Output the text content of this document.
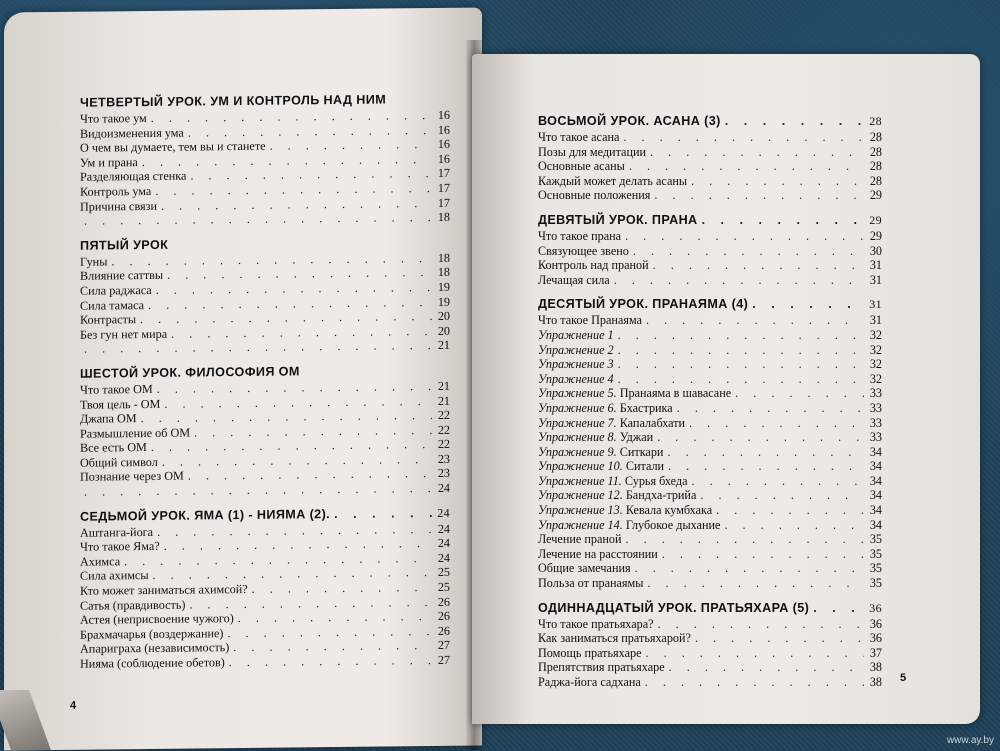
ЧЕТВЕРТЫЙ УРОК. УМ И КОНТРОЛЬ НАД НИМ
Что такое ум . . .	16
Видоизменения ума . . .	16
О чем вы думаете, тем вы и станете . . .	16
Ум и прана . . .	16
Разделяющая стенка . . .	17
Контроль ума . . .	17
Причина связи . . .	17
. . .
18
ПЯТЫЙ УРОК
Гуны . . .	18
Влияние саттвы . . .	18
Сила раджаса . . .	19
Сила тамаса . . .	19
Контрасты . . .	20
Без гун нет мира . . .	20
. . .
21
ШЕСТОЙ УРОК. ФИЛОСОФИЯ ОМ
Что такое ОМ . . .	21
Твоя цель - ОМ . . .	21
Джапа ОМ . . .	22
Размышление об ОМ . . .	22
Все есть ОМ . . .	22
Общий символ . . .	23
Познание через ОМ . . .	23
. . .
24
СЕДЬМОЙ УРОК. ЯМА (1) - НИЯМА (2). . . .	24
Аштанга-йога . . .	24
Что такое Яма? . . .	24
Ахимса . . .	24
Сила ахимсы . . .	25
Кто может заниматься ахимсой? . . .	25
Сатья (правдивость) . . .	26
Астея (неприсвоение чужого) . . .	26
Брахмачарья (воздержание) . . .	26
Апариграха (независимость) . . .	27
Нияма (соблюдение обетов) . . .	27
4
ВОСЬМОЙ УРОК. АСАНА (3) . . .	28
Что такое асана . . .	28
Позы для медитации . . .	28
Основные асаны . . .	28
Каждый может делать асаны . . .	28
Основные положения . . .	29
ДЕВЯТЫЙ УРОК. ПРАНА . . .	29
Что такое прана . . .	29
Связующее звено . . .	30
Контроль над праной . . .	31
Лечащая сила . . .	31
ДЕСЯТЫЙ УРОК. ПРАНАЯМА (4) . . .	31
Что такое Пранаяма . . .	31
Упражнение 1 . . .	32
Упражнение 2 . . .	32
Упражнение 3 . . .	32
Упражнение 4 . . .	32
Упражнение 5. Пранаяма в шавасане . . .	33
Упражнение 6. Бхастрика . . .	33
Упражнение 7. Капалабхати . . .	33
Упражнение 8. Уджаи . . .	33
Упражнение 9. Ситкари . . .	34
Упражнение 10. Ситали . . .	34
Упражнение 11. Сурья бхеда . . .	34
Упражнение 12. Бандха-трийа . . .	34
Упражнение 13. Кевала кумбхака . . .	34
Упражнение 14. Глубокое дыхание . . .	34
Лечение праной . . .	35
Лечение на расстоянии . . .	35
Общие замечания . . .	35
Польза от пранаямы . . .	35
ОДИННАДЦАТЫЙ УРОК. ПРАТЬЯХАРА (5) . . .	36
Что такое пратьяхара? . . .	36
Как заниматься пратьяхарой? . . .	36
Помощь пратьяхаре . . .	37
Препятствия пратьяхаре . . .	38
Раджа-йога садхана . . .	38 5
www.ay.by
